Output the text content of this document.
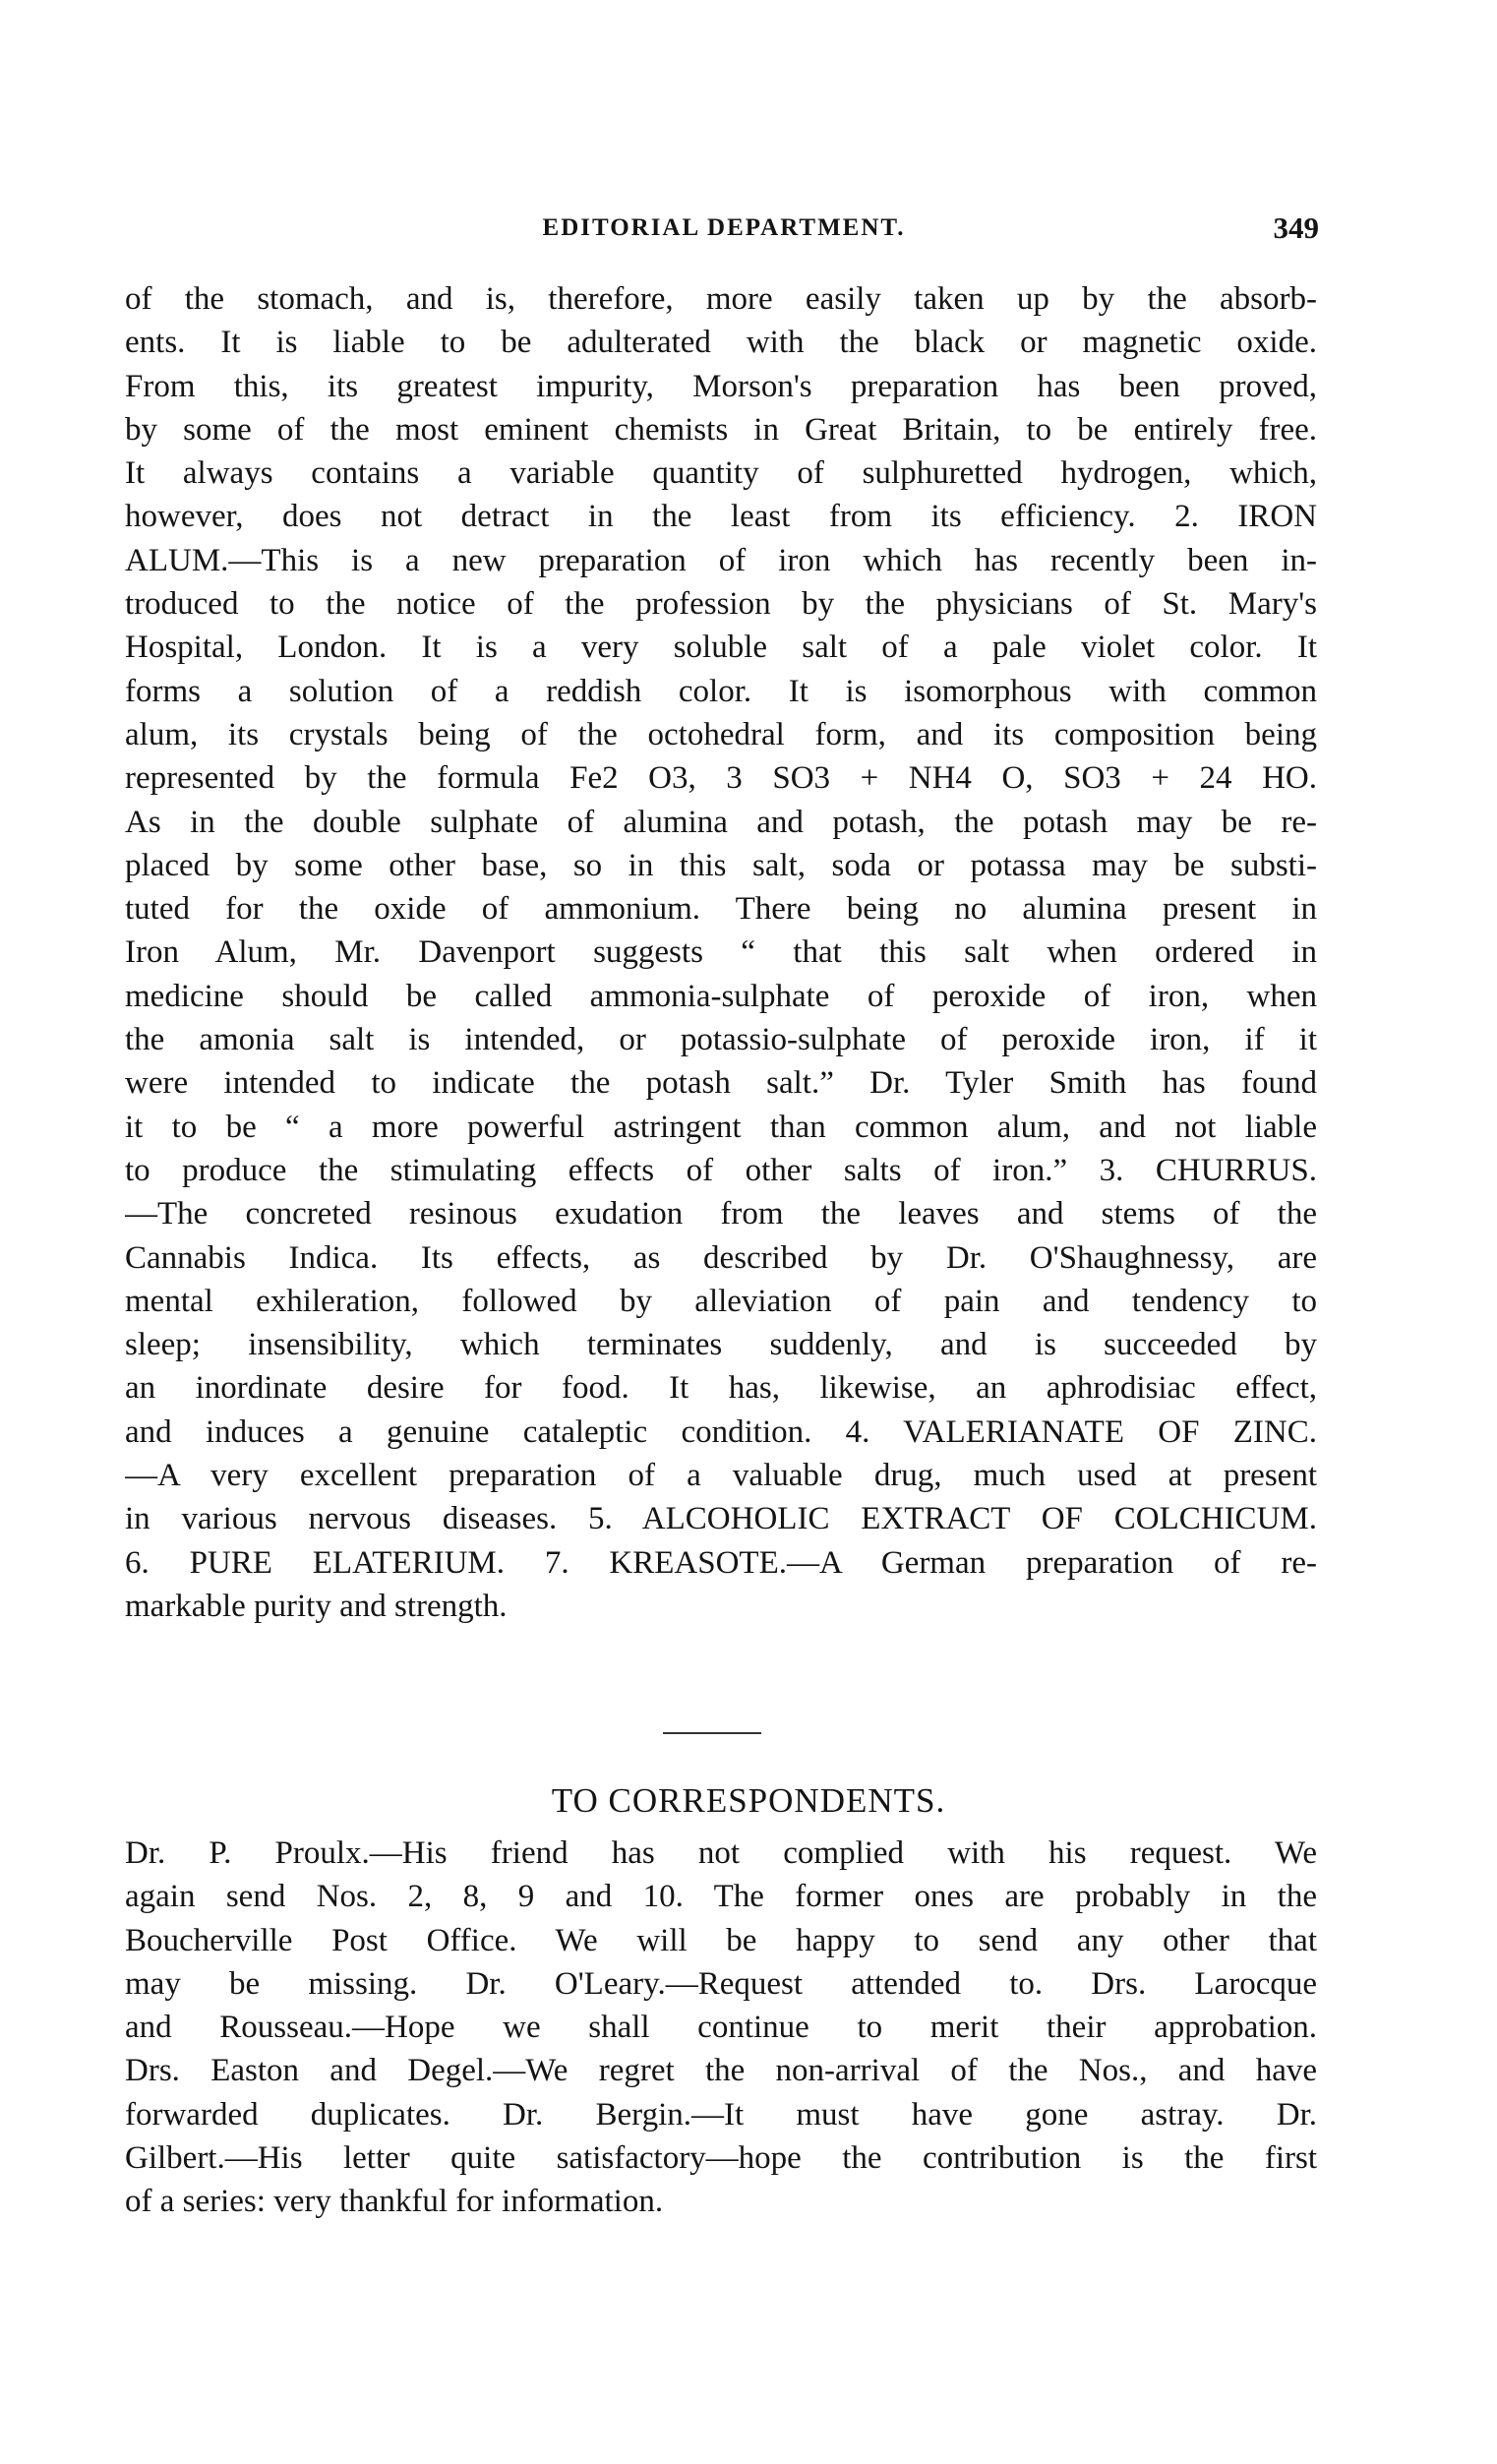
EDITORIAL DEPARTMENT.	349
of the stomach, and is, therefore, more easily taken up by the absorb-
ents. It is liable to be adulterated with the black or magnetic oxide.
From this, its greatest impurity, Morson's preparation has been proved,
by some of the most eminent chemists in Great Britain, to be entirely free.
It always contains a variable quantity of sulphuretted hydrogen, which,
however, does not detract in the least from its efficiency. 2. IRON
ALUM.—This is a new preparation of iron which has recently been in-
troduced to the notice of the profession by the physicians of St. Mary's
Hospital, London. It is a very soluble salt of a pale violet color. It
forms a solution of a reddish color. It is isomorphous with common
alum, its crystals being of the octohedral form, and its composition being
represented by the formula Fe2 O3, 3 SO3 + NH4 O, SO3 + 24 HO.
As in the double sulphate of alumina and potash, the potash may be re-
placed by some other base, so in this salt, soda or potassa may be substi-
tuted for the oxide of ammonium. There being no alumina present in
Iron Alum, Mr. Davenport suggests “ that this salt when ordered in
medicine should be called ammonia-sulphate of peroxide of iron, when
the amonia salt is intended, or potassio-sulphate of peroxide iron, if it
were intended to indicate the potash salt.” Dr. Tyler Smith has found
it to be “ a more powerful astringent than common alum, and not liable
to produce the stimulating effects of other salts of iron.” 3. CHURRUS.
—The concreted resinous exudation from the leaves and stems of the
Cannabis Indica. Its effects, as described by Dr. O'Shaughnessy, are
mental exhileration, followed by alleviation of pain and tendency to
sleep; insensibility, which terminates suddenly, and is succeeded by
an inordinate desire for food. It has, likewise, an aphrodisiac effect,
and induces a genuine cataleptic condition. 4. VALERIANATE OF ZINC.
—A very excellent preparation of a valuable drug, much used at present
in various nervous diseases. 5. ALCOHOLIC EXTRACT OF COLCHICUM.
6. PURE ELATERIUM. 7. KREASOTE.—A German preparation of re-
markable purity and strength.
TO CORRESPONDENTS.
Dr. P. Proulx.—His friend has not complied with his request. We
again send Nos. 2, 8, 9 and 10. The former ones are probably in the
Boucherville Post Office. We will be happy to send any other that
may be missing. Dr. O'Leary.—Request attended to. Drs. Larocque
and Rousseau.—Hope we shall continue to merit their approbation.
Drs. Easton and Degel.—We regret the non-arrival of the Nos., and have
forwarded duplicates. Dr. Bergin.—It must have gone astray. Dr.
Gilbert.—His letter quite satisfactory—hope the contribution is the first
of a series: very thankful for information.
